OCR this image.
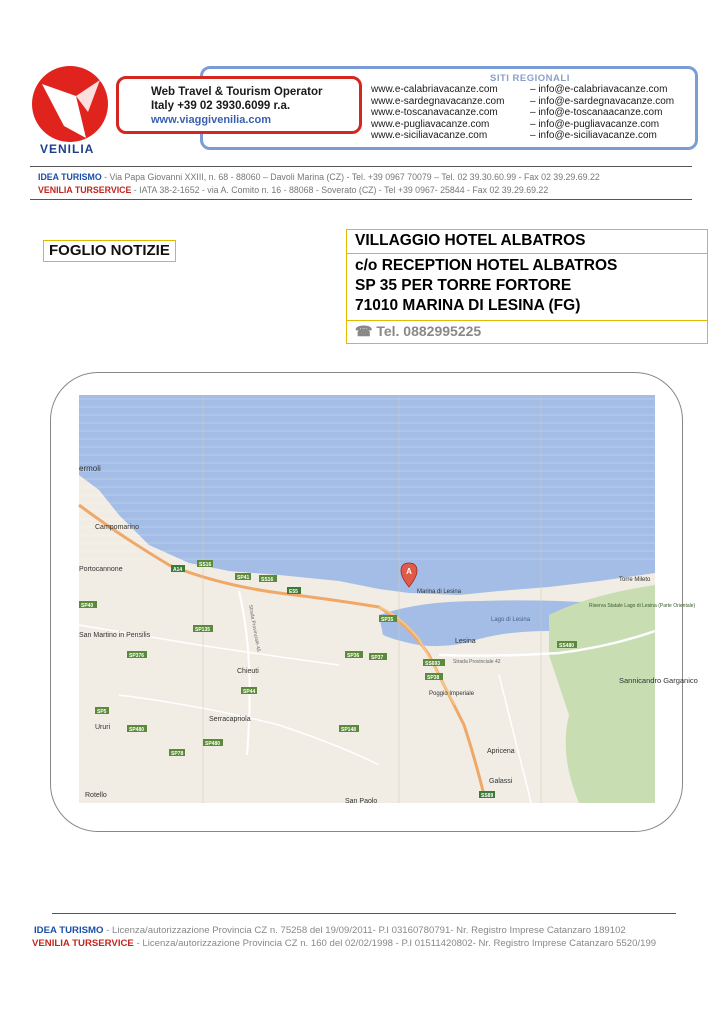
VENILIA
Web Travel & Tourism Operator
Italy +39 02 3930.6099 r.a.
www.viaggivenilia.com
SITI REGIONALI
www.e-calabriavacanze.com
www.e-sardegnavacanze.com
www.e-toscanavacanze.com
www.e-pugliavacanze.com
www.e-siciliavacanze.com
– info@e-calabriavacanze.com
– info@e-sardegnavacanze.com
– info@e-toscanaacanze.com
– info@e-pugliavacanze.com
– info@e-siciliavacanze.com
IDEA TURISMO - Via Papa Giovanni XXIII, n. 68 - 88060 – Davoli Marina (CZ) - Tel. +39 0967 70079 – Tel. 02 39.30.60.99 - Fax 02 39.29.69.22
VENILIA TURSERVICE - IATA 38-2-1652 - via A. Comito n. 16 - 88068 - Soverato (CZ) - Tel +39 0967- 25844 - Fax 02 39.29.69.22
FOGLIO NOTIZIE
VILLAGGIO HOTEL ALBATROS
c/o RECEPTION HOTEL ALBATROS
SP 35 PER TORRE FORTORE
71010 MARINA DI LESINA (FG)
☎ Tel. 0882995225
A
ermoli
Campomarino
Portocannone
San Martino in Pensilis
Chieuti
Serracapriola
Ururi
Rotello
Marina di Lesina
Lesina
Lago di Lesina
Poggio Imperiale
Apricena
Galassi
San Paolo
Torre Mileto
Riserva Statale Lago di Lesina (Parte Orientale)
Sannicandro Garganico
Strada Provinciale 42
Strada Provinciale 45
SS16
SP40
SP135
SP41 SS16
E55
A14
SP36 SP37
SP35
SS693
SP38
SP376
SP480
SP44
SP480
SP5
SS480
SP78
SP148
SS89
IDEA TURISMO - Licenza/autorizzazione Provincia CZ n. 75258 del 19/09/2011- P.I 03160780791- Nr. Registro Imprese Catanzaro 189102
VENILIA TURSERVICE - Licenza/autorizzazione Provincia CZ n. 160 del 02/02/1998 - P.I 01511420802- Nr. Registro Imprese Catanzaro 5520/199
